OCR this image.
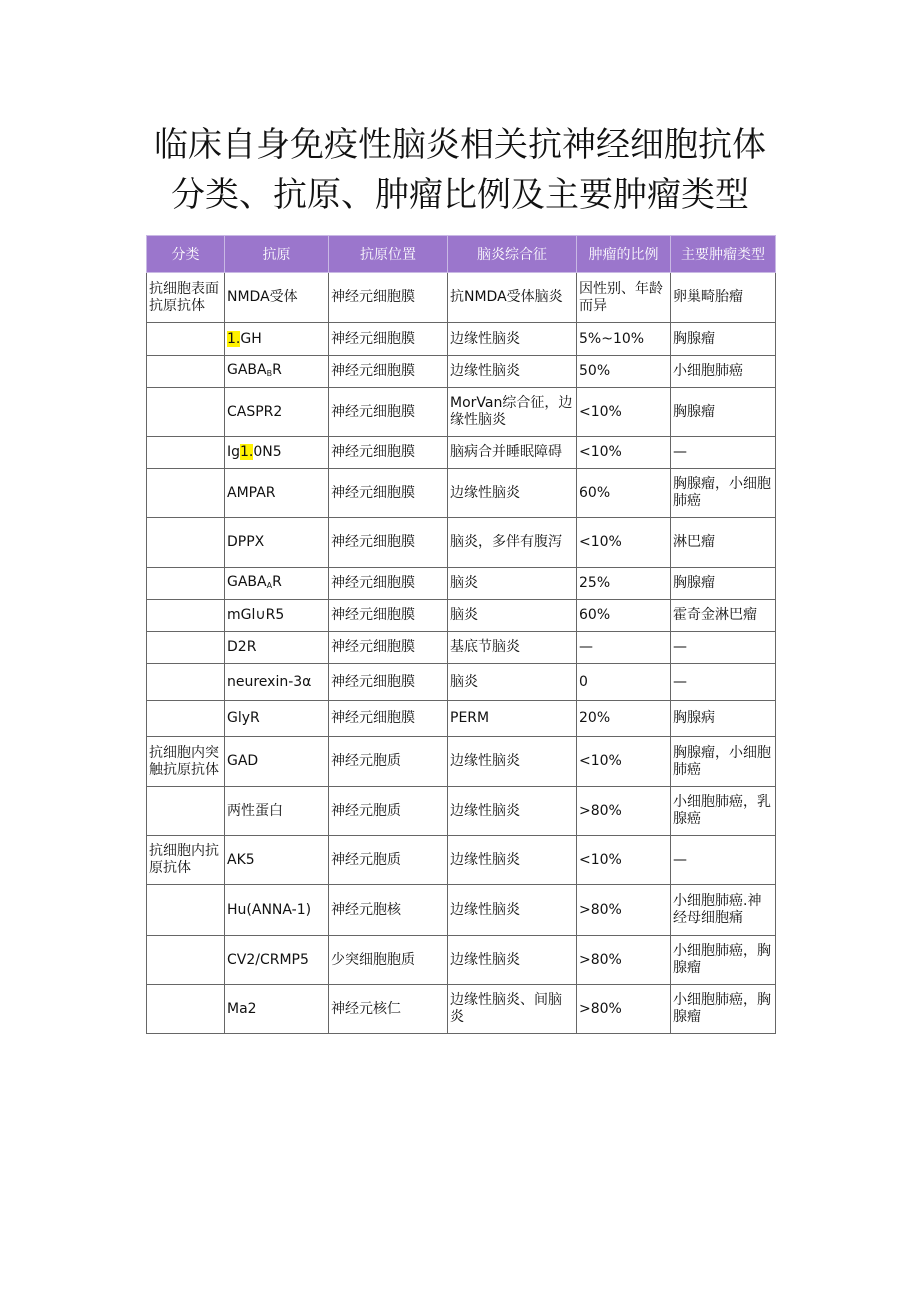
临床自身免疫性脑炎相关抗神经细胞抗体
分类、抗原、肿瘤比例及主要肿瘤类型
分类	抗原	抗原位置	脑炎综合征	肿瘤的比例	主要肿瘤类型
抗细胞表面抗原抗体	NMDA受体	神经元细胞膜	抗NMDA受体脑炎	因性别、年龄而异	卵巢畸胎瘤
	1.GH	神经元细胞膜	边缘性脑炎	5%~10%	胸腺瘤
	$GABA_BR$	神经元细胞膜	边缘性脑炎	50%	小细胞肺癌
	CASPR2	神经元细胞膜	MorVan综合征，边缘性脑炎	<10%	胸腺瘤
	Ig1.0N5	神经元细胞膜	脑病合并睡眠障碍	<10%	—
	AMPAR	神经元细胞膜	边缘性脑炎	60%	胸腺瘤，小细胞肺癌
	DPPX	神经元细胞膜	脑炎，多伴有腹泻	<10%	淋巴瘤
	$GABA_AR$	神经元细胞膜	脑炎	25%	胸腺瘤
	mGl∪R5	神经元细胞膜	脑炎	60%	霍奇金淋巴瘤
	D2R	神经元细胞膜	基底节脑炎	—	—
	neurexin-3α	神经元细胞膜	脑炎	0	—
	GlyR	神经元细胞膜	PERM	20%	胸腺病
抗细胞内突触抗原抗体	GAD	神经元胞质	边缘性脑炎	<10%	胸腺瘤，小细胞肺癌
	两性蛋白	神经元胞质	边缘性脑炎	>80%	小细胞肺癌，乳腺癌
抗细胞内抗原抗体	AK5	神经元胞质	边缘性脑炎	<10%	—
	Hu(ANNA-1)	神经元胞核	边缘性脑炎	>80%	小细胞肺癌.神经母细胞痛
	CV2/CRMP5	少突细胞胞质	边缘性脑炎	>80%	小细胞肺癌，胸腺瘤
	Ma2	神经元核仁	边缘性脑炎、间脑炎	>80%	小细胞肺癌，胸腺瘤
